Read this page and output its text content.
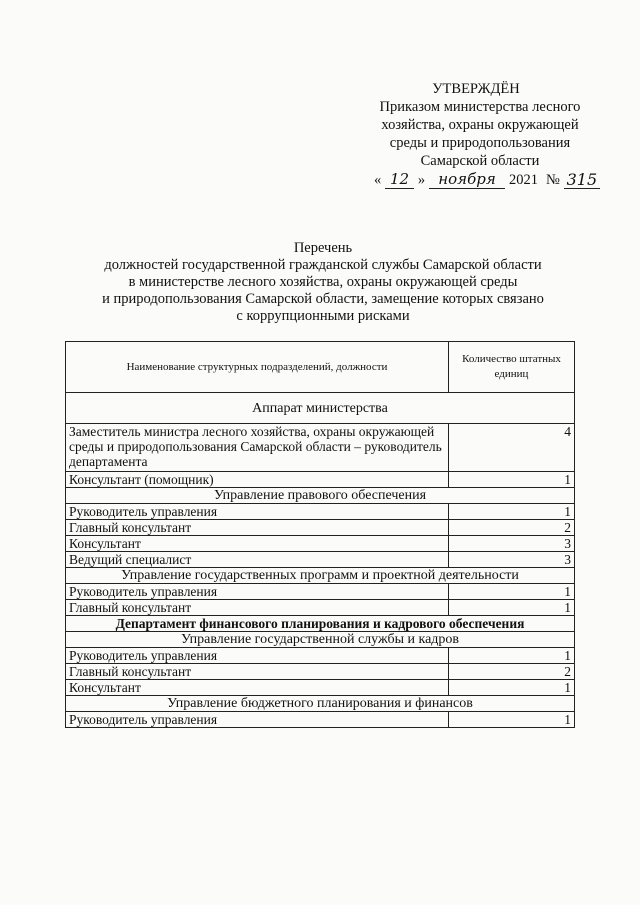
УТВЕРЖДЁН
Приказом министерства лесного
хозяйства, охраны окружающей
среды и природопользования
Самарской области
« 12 » ноября 2021 № 315
Перечень
должностей государственной гражданской службы Самарской области
в министерстве лесного хозяйства, охраны окружающей среды
и природопользования Самарской области, замещение которых связано
с коррупционными рисками
Наименование структурных подразделений, должности	Количество штатных единиц
Аппарат министерства	
Заместитель министра лесного хозяйства, охраны окружающей среды и природопользования Самарской области – руководитель департамента	4
Консультант (помощник)	1
Управление правового обеспечения	
Руководитель управления	1
Главный консультант	2
Консультант	3
Ведущий специалист	3
Управление государственных программ и проектной деятельности	
Руководитель управления	1
Главный консультант	1
Департамент финансового планирования и кадрового обеспечения	
Управление государственной службы и кадров	
Руководитель управления	1
Главный консультант	2
Консультант	1
Управление бюджетного планирования и финансов	
Руководитель управления	1
